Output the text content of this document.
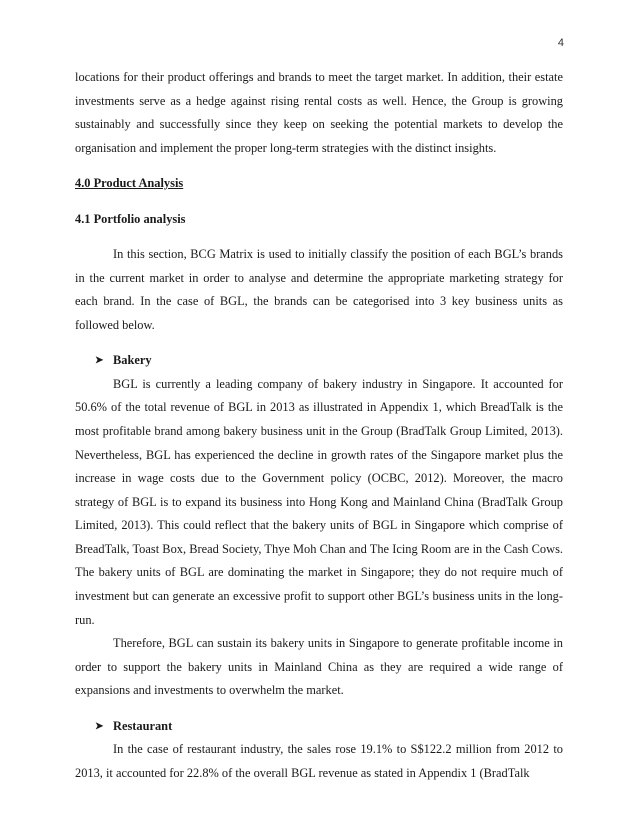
4

locations for their product offerings and brands to meet the target market. In addition, their estate investments serve as a hedge against rising rental costs as well. Hence, the Group is growing sustainably and successfully since they keep on seeking the potential markets to develop the organisation and implement the proper long-term strategies with the distinct insights.

4.0 Product Analysis

4.1 Portfolio analysis

In this section, BCG Matrix is used to initially classify the position of each BGL’s brands in the current market in order to analyse and determine the appropriate marketing strategy for each brand. In the case of BGL, the brands can be categorised into 3 key business units as followed below.

➤ Bakery

BGL is currently a leading company of bakery industry in Singapore. It accounted for 50.6% of the total revenue of BGL in 2013 as illustrated in Appendix 1, which BreadTalk is the most profitable brand among bakery business unit in the Group (BradTalk Group Limited, 2013). Nevertheless, BGL has experienced the decline in growth rates of the Singapore market plus the increase in wage costs due to the Government policy (OCBC, 2012). Moreover, the macro strategy of BGL is to expand its business into Hong Kong and Mainland China (BradTalk Group Limited, 2013). This could reflect that the bakery units of BGL in Singapore which comprise of BreadTalk, Toast Box, Bread Society, Thye Moh Chan and The Icing Room are in the Cash Cows. The bakery units of BGL are dominating the market in Singapore; they do not require much of investment but can generate an excessive profit to support other BGL’s business units in the long-run.

Therefore, BGL can sustain its bakery units in Singapore to generate profitable income in order to support the bakery units in Mainland China as they are required a wide range of expansions and investments to overwhelm the market.

➤ Restaurant

In the case of restaurant industry, the sales rose 19.1% to S$122.2 million from 2012 to 2013, it accounted for 22.8% of the overall BGL revenue as stated in Appendix 1 (BradTalk
